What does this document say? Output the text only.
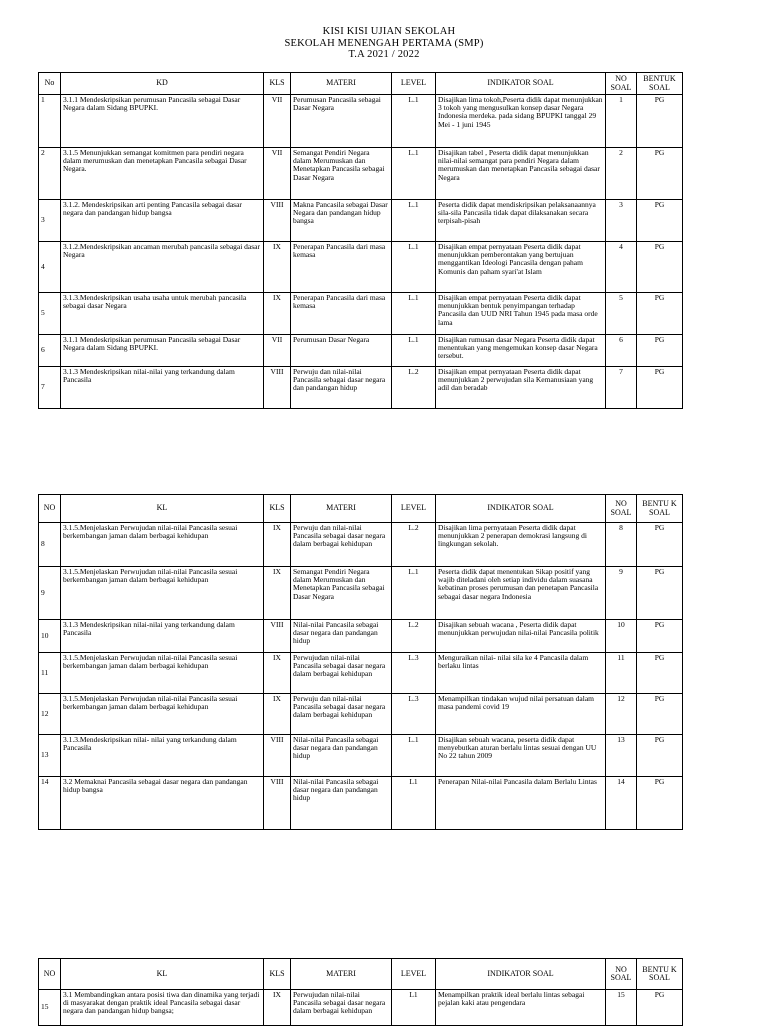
KISI KISI UJIAN SEKOLAH
SEKOLAH MENENGAH PERTAMA (SMP)
T.A 2021 / 2022
No	KD	KLS	MATERI	LEVEL	INDIKATOR SOAL	NO SOAL	BENTUK SOAL
1	3.1.1 Mendeskripsikan perumusan Pancasila sebagai Dasar Negara dalam Sidang BPUPKI.	VII	Perumusan Pancasila sebagai Dasar Negara	L.1	Disajikan lima tokoh,Peserta didik dapat menunjukkan 3 tokoh yang mengusulkan konsep dasar Negara Indonesia merdeka. pada sidang BPUPKI tanggal 29 Mei - 1 juni 1945	1	PG
2	3.1.5 Menunjukkan semangat komitmen para pendiri negara dalam merumuskan dan menetapkan Pancasila sebagai Dasar Negara.	VII	Semangat Pendiri Negara dalam Merumuskan dan Menetapkan Pancasila sebagai Dasar Negara	L.1	Disajikan tabel , Peserta didik dapat menunjukkan nilai-nilai semangat para pendiri Negara dalam merumuskan dan menetapkan Pancasila sebagai dasar Negara	2	PG
3	3.1.2. Mendeskripsikan arti penting Pancasila sebagai dasar negara dan pandangan hidup bangsa	VIII	Makna Pancasila sebagai Dasar Negara dan pandangan hidup bangsa	L.1	Peserta didik dapat mendiskripsikan pelaksanaannya sila-sila Pancasila tidak dapat dilaksanakan secara terpisah-pisah	3	PG
4	3.1.2.Mendeskripsikan ancaman merubah pancasila sebagai dasar Negara	IX	Penerapan Pancasila dari masa kemasa	L.1	Disajikan empat pernyataan Peserta didik dapat menunjukkan pemberontakan yang bertujuan menggantikan Ideologi Pancasila dengan paham Komunis dan paham syari'at Islam	4	PG
5	3.1.3.Mendeskripsikan usaha usaha untuk merubah pancasila sebagai dasar Negara	IX	Penerapan Pancasila dari masa kemasa	L.1	Disajikan empat pernyataan Peserta didik dapat menunjukkan bentuk penyimpangan terhadap Pancasila dan UUD NRI Tahun 1945 pada masa orde lama	5	PG
6	3.1.1 Mendeskripsikan perumusan Pancasila sebagai Dasar Negara dalam Sidang BPUPKI.	VII	Perumusan Dasar Negara	L.1	Disajikan rumusan dasar Negara Peserta didik dapat menentukan yang mengemukan konsep dasar Negara tersebut.	6	PG
7	3.1.3 Mendeskripsikan nilai-nilai yang terkandung dalam Pancasila	VIII	Perwuju dan nilai-nilai Pancasila sebagai dasar negara dan pandangan hidup	L.2	Disajikan empat pernyataan Peserta didik dapat menunjukkan 2 perwujudan sila Kemanusiaan yang adil dan beradab	7	PG
NO	KL	KLS	MATERI	LEVEL	INDIKATOR SOAL	NO SOAL	BENTU K SOAL
8	3.1.5.Menjelaskan Perwujudan nilai-nilai Pancasila sesuai berkembangan jaman dalam berbagai kehidupan	IX	Perwuju dan nilai-nilai Pancasila sebagai dasar negara dalam berbagai kehidupan	L.2	Disajikan lima pernyataan Peserta didik dapat menunjukkan 2 penerapan demokrasi langsung di lingkungan sekolah.	8	PG
9	3.1.5.Menjelaskan Perwujudan nilai-nilai Pancasila sesuai berkembangan jaman dalam berbagai kehidupan	IX	Semangat Pendiri Negara dalam Merumuskan dan Menetapkan Pancasila sebagai Dasar Negara	L.1	Peserta didik dapat menentukan Sikap positif yang wajib diteladani oleh setiap individu dalam suasana kebatinan proses perumusan dan penetapan Pancasila sebagai dasar negara Indonesia	9	PG
10	3.1.3 Mendeskripsikan nilai-nilai yang terkandung dalam Pancasila	VIII	Nilai-nilai Pancasila sebagai dasar negara dan pandangan hidup	L.2	Disajikan sebuah wacana , Peserta didik dapat menunjukkan perwujudan nilai-nilai Pancasila politik	10	PG
11	3.1.5.Menjelaskan Perwujudan nilai-nilai Pancasila sesuai berkembangan jaman dalam berbagai kehidupan	IX	Perwujudan nilai-nilai Pancasila sebagai dasar negara dalam berbagai kehidupan	L.3	Menguraikan nilai- nilai sila ke 4 Pancasila dalam berlaku lintas	11	PG
12	3.1.5.Menjelaskan Perwujudan nilai-nilai Pancasila sesuai berkembangan jaman dalam berbagai kehidupan	IX	Perwuju dan nilai-nilai Pancasila sebagai dasar negara dalam berbagai kehidupan	L.3	Menampilkan tindakan wujud nilai persatuan dalam masa pandemi covid 19	12	PG
13	3.1.3.Mendeskripsikan nilai- nilai yang terkandung dalam Pancasila	VIII	Nilai-nilai Pancasila sebagai dasar negara dan pandangan hidup	L.1	Disajikan sebuah wacana, peserta didik dapat menyebutkan aturan berlalu lintas sesuai dengan UU No 22 tahun 2009	13	PG
14	3.2 Memaknai Pancasila sebagai dasar negara dan pandangan hidup bangsa	VIII	Nilai-nilai Pancasila sebagai dasar negara dan pandangan hidup	L1	Penerapan Nilai-nilai Pancasila dalam Berlalu Lintas	14	PG
NO	KL	KLS	MATERI	LEVEL	INDIKATOR SOAL	NO SOAL	BENTU K SOAL
15	3.1 Membandingkan antara posisi tiwa dan dinamika yang terjadi di masyarakat dengan praktik ideal Pancasila sebagai dasar negara dan pandangan hidup bangsa;	IX	Perwujudan nilai-nilai Pancasila sebagai dasar negara dalam berbagai kehidupan	L1	Menampilkan praktik ideal berlalu lintas sebagai pejalan kaki atau pengendara	15	PG
